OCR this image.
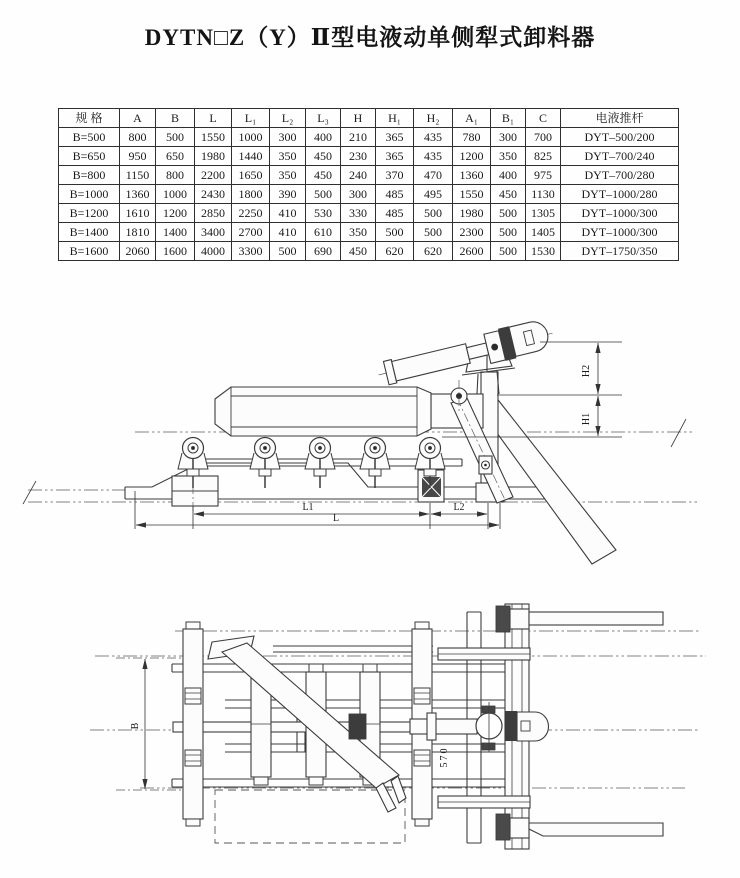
DYTN□Z（Y）Ⅱ型电液动单侧犁式卸料器
规 格	A	B	L	L₁	L₂	L₃	H	H₁	H₂	A₁	B₁	C	电液推杆
B=500	800	500	1550	1000	300	400	210	365	435	780	300	700	DYT–500/200
B=650	950	650	1980	1440	350	450	230	365	435	1200	350	825	DYT–700/240
B=800	1150	800	2200	1650	350	450	240	370	470	1360	400	975	DYT–700/280
B=1000	1360	1000	2430	1800	390	500	300	485	495	1550	450	1130	DYT–1000/280
B=1200	1610	1200	2850	2250	410	530	330	485	500	1980	500	1305	DYT–1000/300
B=1400	1810	1400	3400	2700	410	610	350	500	500	2300	500	1405	DYT–1000/300
B=1600	2060	1600	4000	3300	500	690	450	620	620	2600	500	1530	DYT–1750/350
H2
H1
L1	L2
L
B
570
